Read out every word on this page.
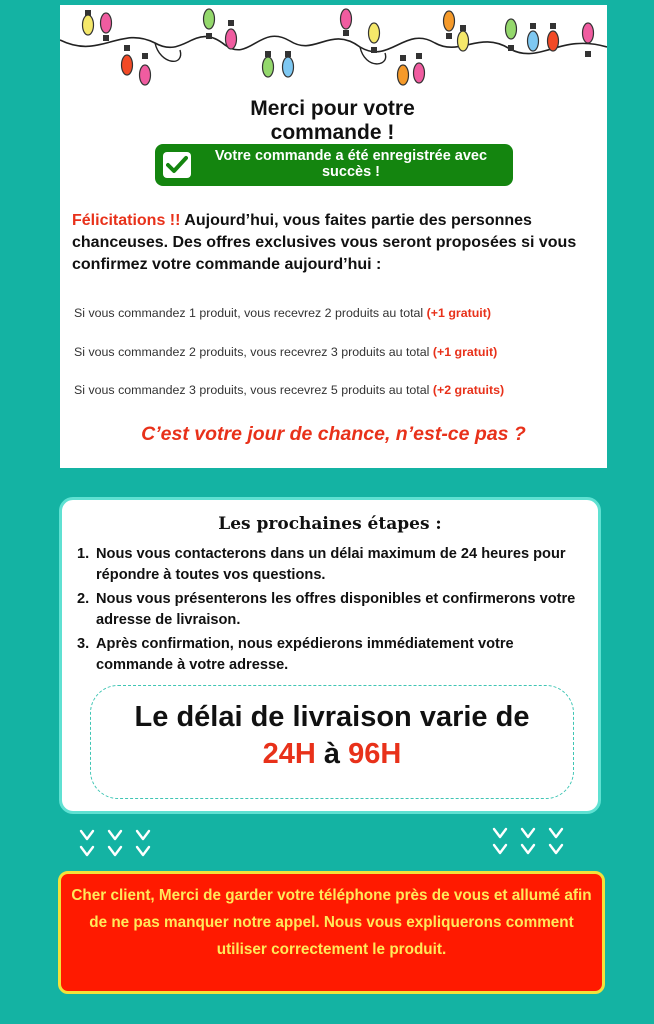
Merci pour votre commande !
Votre commande a été enregistrée avec succès !
Félicitations !! Aujourd’hui, vous faites partie des personnes chanceuses. Des offres exclusives vous seront proposées si vous confirmez votre commande aujourd’hui :
Si vous commandez 1 produit, vous recevrez 2 produits au total (+1 gratuit)
Si vous commandez 2 produits, vous recevrez 3 produits au total (+1 gratuit)
Si vous commandez 3 produits, vous recevrez 5 produits au total (+2 gratuits)
C’est votre jour de chance, n’est-ce pas ?
Les prochaines étapes :
1. Nous vous contacterons dans un délai maximum de 24 heures pour répondre à toutes vos questions.
2. Nous vous présenterons les offres disponibles et confirmerons votre adresse de livraison.
3. Après confirmation, nous expédierons immédiatement votre commande à votre adresse.
Le délai de livraison varie de
24H à 96H
Cher client, Merci de garder votre téléphone près de vous et allumé afin de ne pas manquer notre appel. Nous vous expliquerons comment utiliser correctement le produit.
